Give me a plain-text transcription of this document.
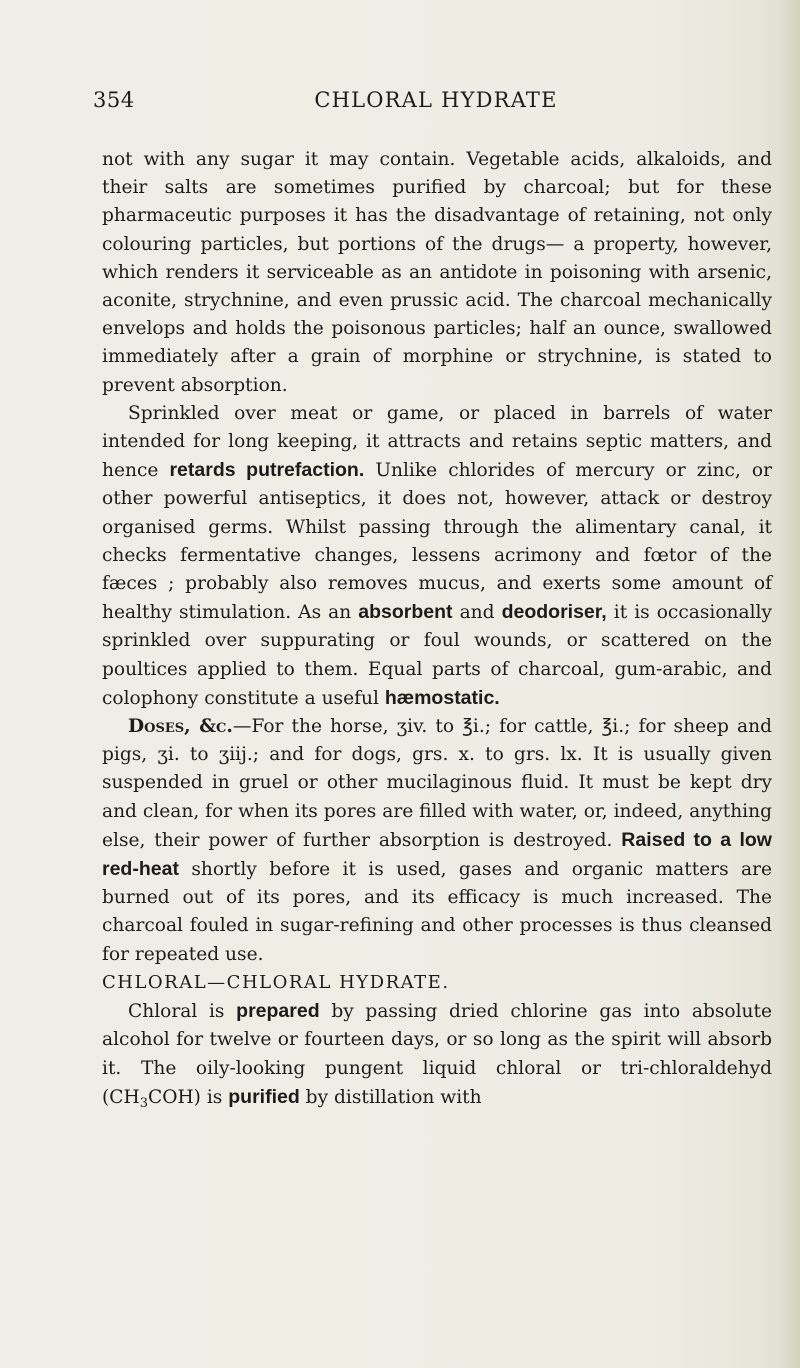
354	CHLORAL HYDRATE

not with any sugar it may contain. Vegetable acids, alkaloids, and their salts are sometimes purified by charcoal; but for these pharmaceutic purposes it has the disadvantage of retaining, not only colouring particles, but portions of the drugs— a property, however, which renders it serviceable as an antidote in poisoning with arsenic, aconite, strychnine, and even prussic acid. The charcoal mechanically envelops and holds the poisonous particles; half an ounce, swallowed immediately after a grain of morphine or strychnine, is stated to prevent absorption.

Sprinkled over meat or game, or placed in barrels of water intended for long keeping, it attracts and retains septic matters, and hence retards putrefaction. Unlike chlorides of mercury or zinc, or other powerful antiseptics, it does not, however, attack or destroy organised germs. Whilst passing through the alimentary canal, it checks fermentative changes, lessens acrimony and fœtor of the fæces ; probably also removes mucus, and exerts some amount of healthy stimulation. As an absorbent and deodoriser, it is occasionally sprinkled over suppurating or foul wounds, or scattered on the poultices applied to them. Equal parts of charcoal, gum-arabic, and colophony constitute a useful hæmostatic.

Doses, &c.—For the horse, ʒiv. to ℥i.; for cattle, ℥i.; for sheep and pigs, ʒi. to ʒiij.; and for dogs, grs. x. to grs. lx. It is usually given suspended in gruel or other mucilaginous fluid. It must be kept dry and clean, for when its pores are filled with water, or, indeed, anything else, their power of further absorption is destroyed. Raised to a low red-heat shortly before it is used, gases and organic matters are burned out of its pores, and its efficacy is much increased. The charcoal fouled in sugar-refining and other processes is thus cleansed for repeated use.

CHLORAL—CHLORAL HYDRATE.

Chloral is prepared by passing dried chlorine gas into absolute alcohol for twelve or fourteen days, or so long as the spirit will absorb it. The oily-looking pungent liquid chloral or tri-chloraldehyd $(CH_3COH)$ is purified by distillation with
